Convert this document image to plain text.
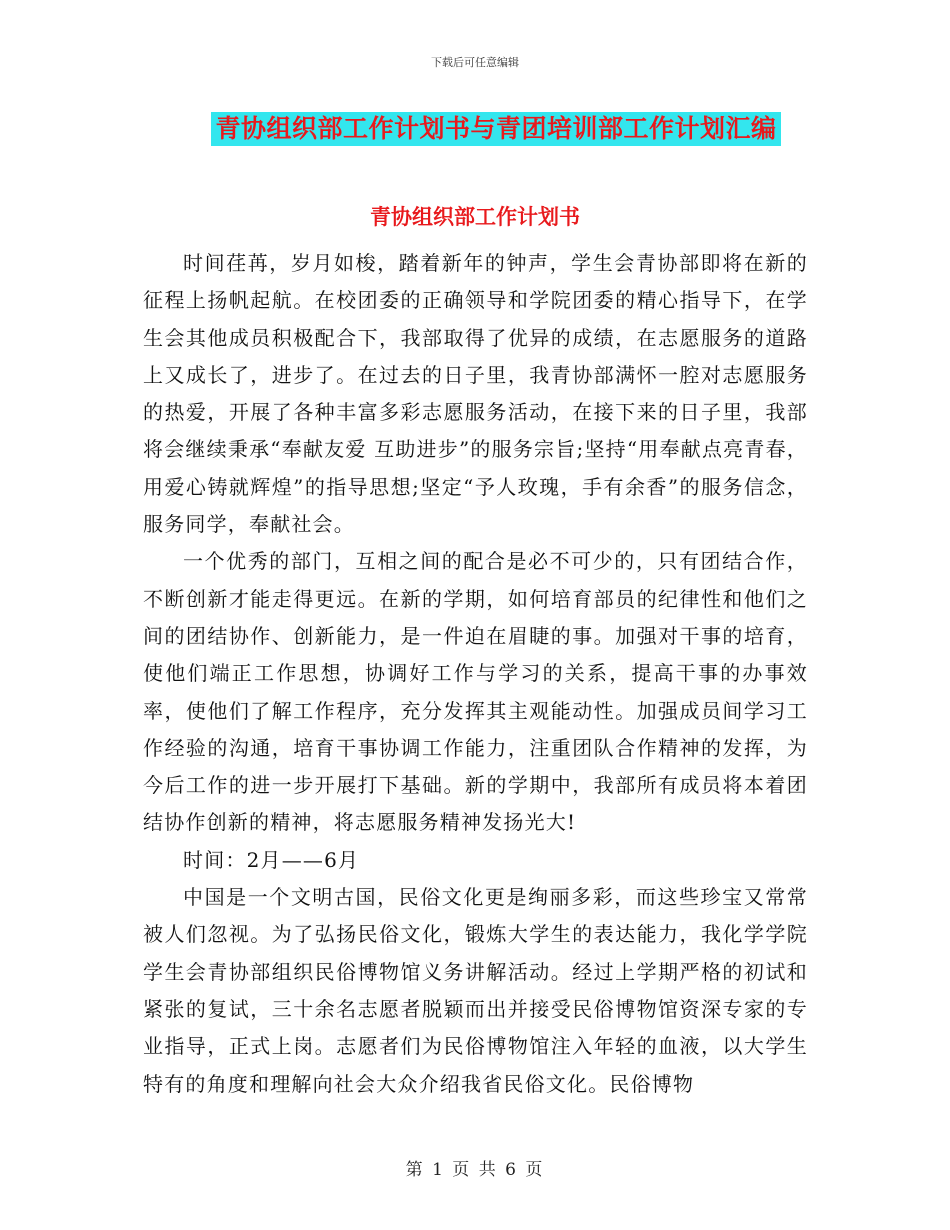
下载后可任意编辑
青协组织部工作计划书与青团培训部工作计划汇编
青协组织部工作计划书

时间荏苒，岁月如梭，踏着新年的钟声，学生会青协部即将在新的征程上扬帆起航。在校团委的正确领导和学院团委的精心指导下，在学生会其他成员积极配合下，我部取得了优异的成绩，在志愿服务的道路上又成长了，进步了。在过去的日子里，我青协部满怀一腔对志愿服务的热爱，开展了各种丰富多彩志愿服务活动，在接下来的日子里，我部将会继续秉承“奉献友爱 互助进步”的服务宗旨;坚持“用奉献点亮青春，用爱心铸就辉煌”的指导思想;坚定“予人玫瑰，手有余香”的服务信念，服务同学，奉献社会。

一个优秀的部门，互相之间的配合是必不可少的，只有团结合作，不断创新才能走得更远。在新的学期，如何培育部员的纪律性和他们之间的团结协作、创新能力，是一件迫在眉睫的事。加强对干事的培育，使他们端正工作思想，协调好工作与学习的关系，提高干事的办事效率，使他们了解工作程序，充分发挥其主观能动性。加强成员间学习工作经验的沟通，培育干事协调工作能力，注重团队合作精神的发挥，为今后工作的进一步开展打下基础。新的学期中，我部所有成员将本着团结协作创新的精神，将志愿服务精神发扬光大!

时间：2月——6月

中国是一个文明古国，民俗文化更是绚丽多彩，而这些珍宝又常常被人们忽视。为了弘扬民俗文化，锻炼大学生的表达能力，我化学学院学生会青协部组织民俗博物馆义务讲解活动。经过上学期严格的初试和紧张的复试，三十余名志愿者脱颖而出并接受民俗博物馆资深专家的专业指导，正式上岗。志愿者们为民俗博物馆注入年轻的血液，以大学生特有的角度和理解向社会大众介绍我省民俗文化。民俗博物

第 1 页 共 6 页
